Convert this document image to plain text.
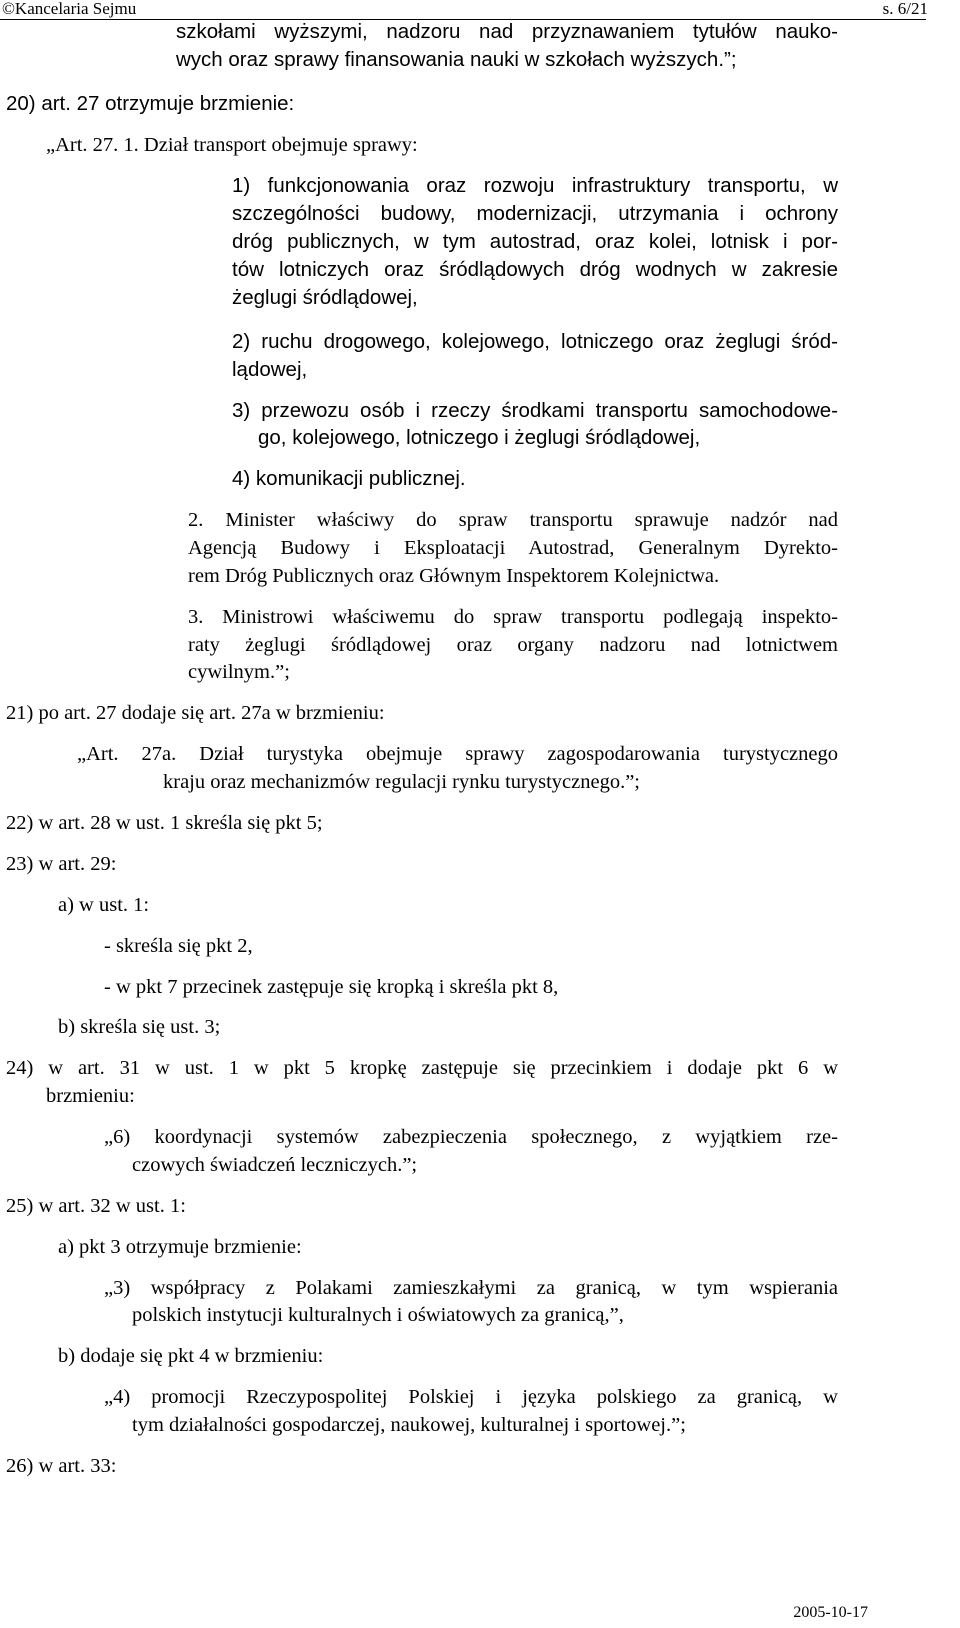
©Kancelaria Sejmu	s. 6/21
szkołami wyższymi, nadzoru nad przyznawaniem tytułów nauko-
wych oraz sprawy finansowania nauki w szkołach wyższych.”;
20) art. 27 otrzymuje brzmienie:
„Art. 27. 1. Dział transport obejmuje sprawy:
1) funkcjonowania oraz rozwoju infrastruktury transportu, w
szczególności budowy, modernizacji, utrzymania i ochrony
dróg publicznych, w tym autostrad, oraz kolei, lotnisk i por-
tów lotniczych oraz śródlądowych dróg wodnych w zakresie
żeglugi śródlądowej,
2) ruchu drogowego, kolejowego, lotniczego oraz żeglugi śród-
lądowej,
3) przewozu osób i rzeczy środkami transportu samochodowe-
go, kolejowego, lotniczego i żeglugi śródlądowej,
4) komunikacji publicznej.
2. Minister właściwy do spraw transportu sprawuje nadzór nad
Agencją Budowy i Eksploatacji Autostrad, Generalnym Dyrekto-
rem Dróg Publicznych oraz Głównym Inspektorem Kolejnictwa.
3. Ministrowi właściwemu do spraw transportu podlegają inspekto-
raty żeglugi śródlądowej oraz organy nadzoru nad lotnictwem
cywilnym.”;
21) po art. 27 dodaje się art. 27a w brzmieniu:
„Art. 27a. Dział turystyka obejmuje sprawy zagospodarowania turystycznego
kraju oraz mechanizmów regulacji rynku turystycznego.”;
22) w art. 28 w ust. 1 skreśla się pkt 5;
23) w art. 29:
a) w ust. 1:
- skreśla się pkt 2,
- w pkt 7 przecinek zastępuje się kropką i skreśla pkt 8,
b) skreśla się ust. 3;
24) w art. 31 w ust. 1 w pkt 5 kropkę zastępuje się przecinkiem i dodaje pkt 6 w
brzmieniu:
„6) koordynacji systemów zabezpieczenia społecznego, z wyjątkiem rze-
czowych świadczeń leczniczych.”;
25) w art. 32 w ust. 1:
a) pkt 3 otrzymuje brzmienie:
„3) współpracy z Polakami zamieszkałymi za granicą, w tym wspierania
polskich instytucji kulturalnych i oświatowych za granicą,”,
b) dodaje się pkt 4 w brzmieniu:
„4) promocji Rzeczypospolitej Polskiej i języka polskiego za granicą, w
tym działalności gospodarczej, naukowej, kulturalnej i sportowej.”;
26) w art. 33:
2005-10-17
